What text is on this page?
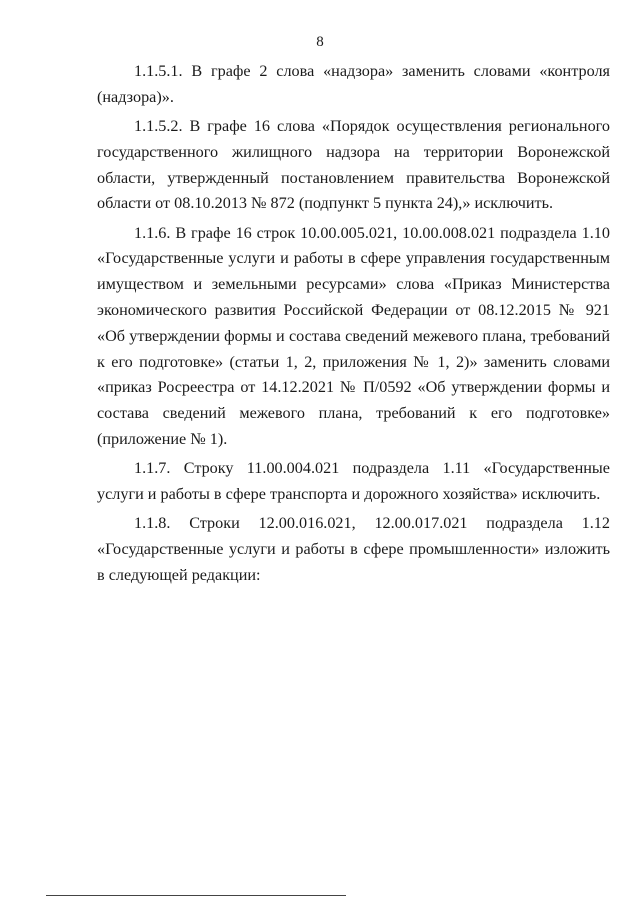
8

1.1.5.1. В графе 2 слова «надзора» заменить словами «контроля (надзора)».

1.1.5.2. В графе 16 слова «Порядок осуществления регионального государственного жилищного надзора на территории Воронежской области, утвержденный постановлением правительства Воронежской области от 08.10.2013 № 872 (подпункт 5 пункта 24),» исключить.

1.1.6. В графе 16 строк 10.00.005.021, 10.00.008.021 подраздела 1.10 «Государственные услуги и работы в сфере управления государственным имуществом и земельными ресурсами» слова «Приказ Министерства экономического развития Российской Федерации от 08.12.2015 № 921 «Об утверждении формы и состава сведений межевого плана, требований к его подготовке» (статьи 1, 2, приложения № 1, 2)» заменить словами «приказ Росреестра от 14.12.2021 № П/0592 «Об утверждении формы и состава сведений межевого плана, требований к его подготовке» (приложение № 1).

1.1.7. Строку 11.00.004.021 подраздела 1.11 «Государственные услуги и работы в сфере транспорта и дорожного хозяйства» исключить.

1.1.8. Строки 12.00.016.021, 12.00.017.021 подраздела 1.12

«Государственные услуги и работы в сфере промышленности» изложить в следующей редакции:
